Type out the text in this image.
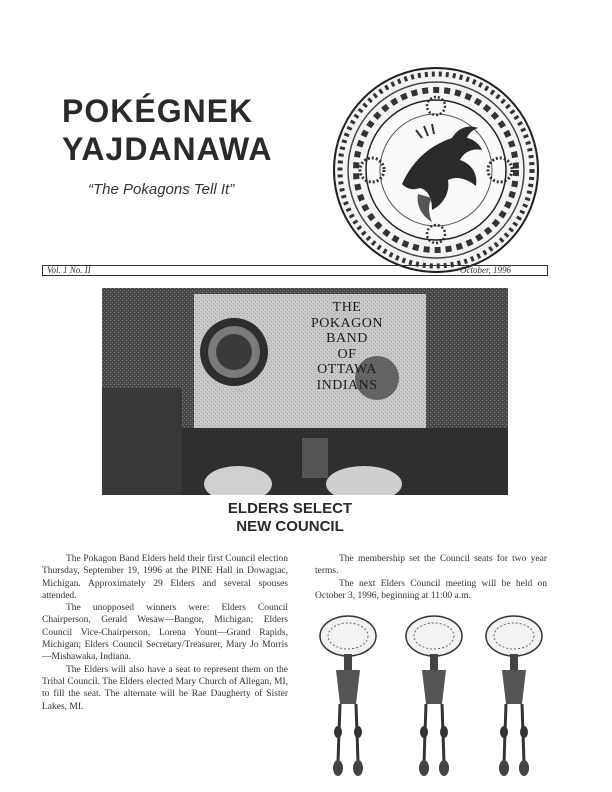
POKÉGNEK
YAJDANAWA
“The Pokagons Tell It”
Vol. 1 No. II	October, 1996
THE
POKAGON
BAND
OF
OTTAWA
INDIANS
ELDERS SELECT
NEW COUNCIL

The Pokagon Band Elders held their first Council election Thursday, September 19, 1996 at the PINE Hall in Dowagiac, Michigan. Approximately 29 Elders and several spouses attended.

The unopposed winners were: Elders Council Chairperson, Gerald Wesaw—Bangor, Michigan; Elders Council Vice-Chairperson, Lorena Yount—Grand Rapids, Michigan; Elders Council Secretary/Treasurer, Mary Jo Morris—Mishawaka, Indiana.

The Elders will also have a seat to represent them on the Tribal Council. The Elders elected Mary Church of Allegan, MI, to fill the seat. The alternate will be Rae Daugherty of Sister Lakes, MI.

The membership set the Council seats for two year terms.

The next Elders Council meeting will be held on October 3, 1996, beginning at 11:00 a.m.
